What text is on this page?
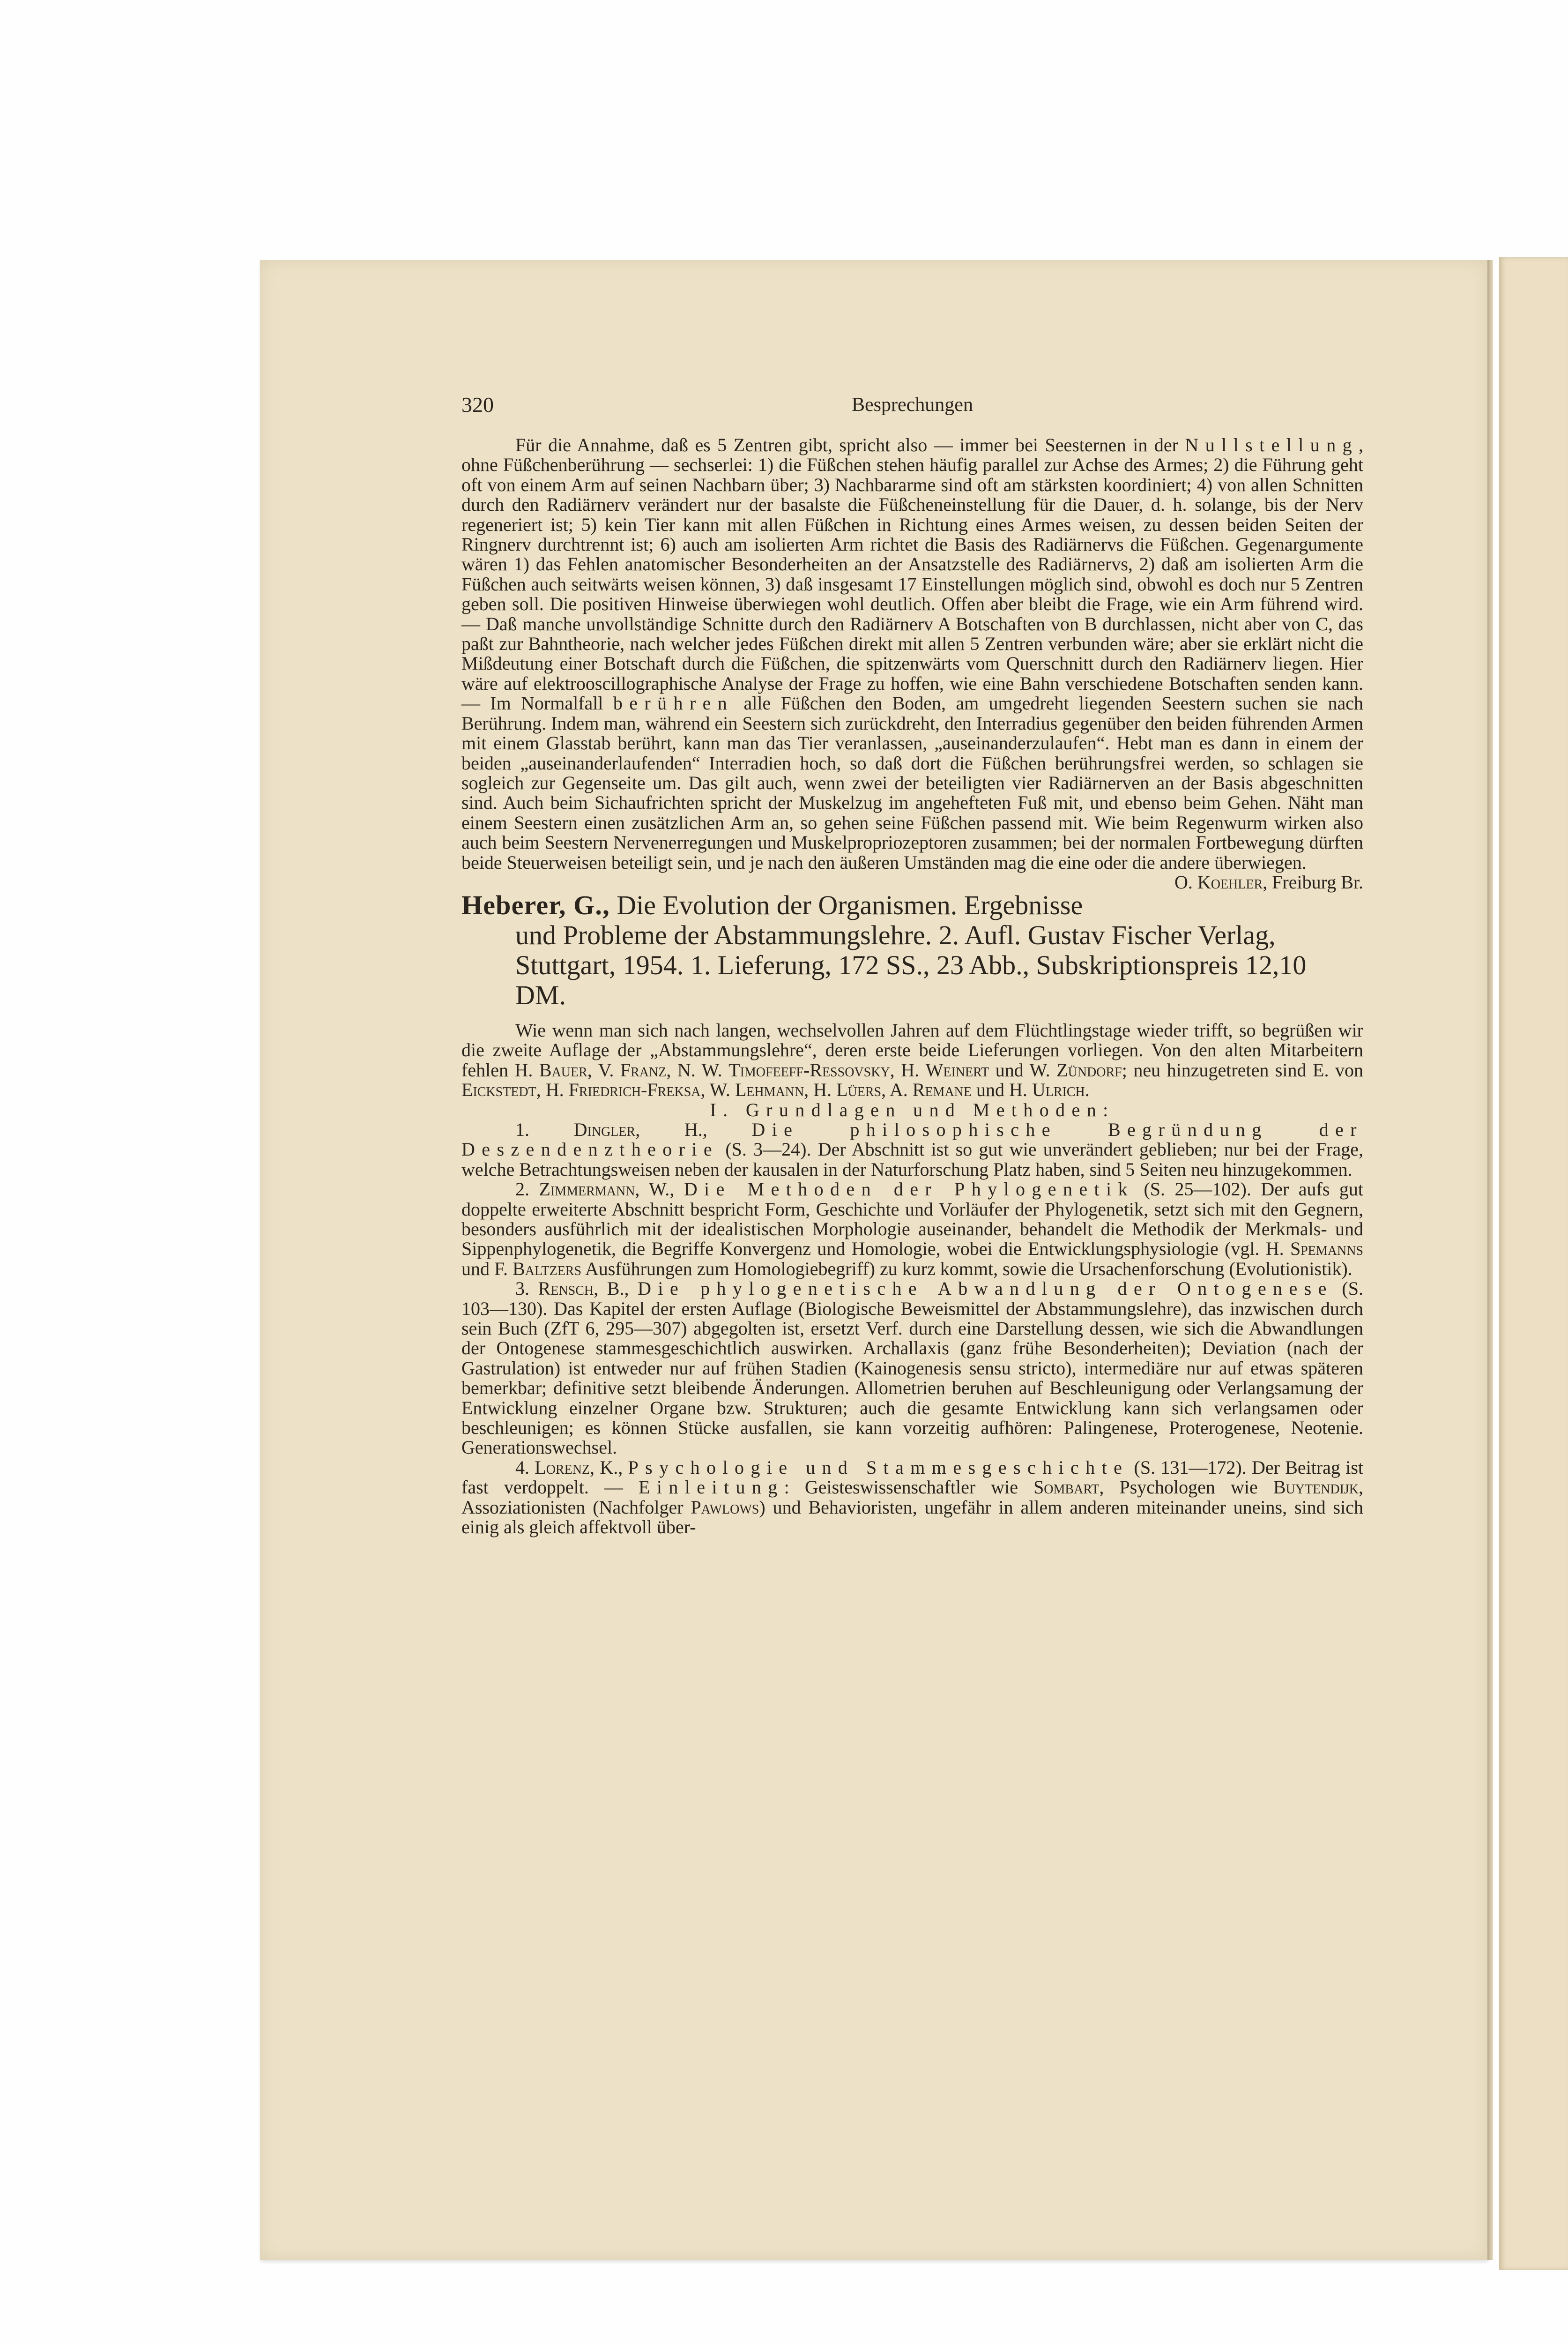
320	Besprechungen

Für die Annahme, daß es 5 Zentren gibt, spricht also — immer bei Seesternen in der Nullstellung, ohne Füßchenberührung — sechserlei: 1) die Füßchen stehen häufig parallel zur Achse des Armes; 2) die Führung geht oft von einem Arm auf seinen Nachbarn über; 3) Nachbararme sind oft am stärksten koordiniert; 4) von allen Schnitten durch den Radiärnerv verändert nur der basalste die Füßcheneinstellung für die Dauer, d. h. solange, bis der Nerv regeneriert ist; 5) kein Tier kann mit allen Füßchen in Richtung eines Armes weisen, zu dessen beiden Seiten der Ringnerv durchtrennt ist; 6) auch am isolierten Arm richtet die Basis des Radiärnervs die Füßchen. Gegenargumente wären 1) das Fehlen anatomischer Besonderheiten an der Ansatzstelle des Radiärnervs, 2) daß am isolierten Arm die Füßchen auch seitwärts weisen können, 3) daß insgesamt 17 Einstellungen möglich sind, obwohl es doch nur 5 Zentren geben soll. Die positiven Hinweise überwiegen wohl deutlich. Offen aber bleibt die Frage, wie ein Arm führend wird. — Daß manche unvollständige Schnitte durch den Radiärnerv A Botschaften von B durchlassen, nicht aber von C, das paßt zur Bahntheorie, nach welcher jedes Füßchen direkt mit allen 5 Zentren verbunden wäre; aber sie erklärt nicht die Mißdeutung einer Botschaft durch die Füßchen, die spitzenwärts vom Querschnitt durch den Radiärnerv liegen. Hier wäre auf elektrooscillographische Analyse der Frage zu hoffen, wie eine Bahn verschiedene Botschaften senden kann. — Im Normalfall berühren alle Füßchen den Boden, am umgedreht liegenden Seestern suchen sie nach Berührung. Indem man, während ein Seestern sich zurückdreht, den Interradius gegenüber den beiden führenden Armen mit einem Glasstab berührt, kann man das Tier veranlassen, „auseinanderzulaufen“. Hebt man es dann in einem der beiden „auseinanderlaufenden“ Interradien hoch, so daß dort die Füßchen berührungsfrei werden, so schlagen sie sogleich zur Gegenseite um. Das gilt auch, wenn zwei der beteiligten vier Radiärnerven an der Basis abgeschnitten sind. Auch beim Sichaufrichten spricht der Muskelzug im angehefteten Fuß mit, und ebenso beim Gehen. Näht man einem Seestern einen zusätzlichen Arm an, so gehen seine Füßchen passend mit. Wie beim Regenwurm wirken also auch beim Seestern Nervenerregungen und Muskelpropriozeptoren zusammen; bei der normalen Fortbewegung dürften beide Steuerweisen beteiligt sein, und je nach den äußeren Umständen mag die eine oder die andere überwiegen.
O. Koehler, Freiburg Br.

Heberer, G., Die Evolution der Organismen. Ergebnisse und Probleme der Abstammungslehre. 2. Aufl. Gustav Fischer Verlag, Stuttgart, 1954. 1. Lieferung, 172 SS., 23 Abb., Subskriptionspreis 12,10 DM.

Wie wenn man sich nach langen, wechselvollen Jahren auf dem Flüchtlingstage wieder trifft, so begrüßen wir die zweite Auflage der „Abstammungslehre“, deren erste beide Lieferungen vorliegen. Von den alten Mitarbeitern fehlen H. Bauer, V. Franz, N. W. Timofeeff-Ressovsky, H. Weinert und W. Zündorf; neu hinzugetreten sind E. von Eickstedt, H. Friedrich-Freksa, W. Lehmann, H. Lüers, A. Remane und H. Ulrich.

I. Grundlagen und Methoden:

1. Dingler, H., Die philosophische Begründung der Deszendenztheorie (S. 3—24). Der Abschnitt ist so gut wie unverändert geblieben; nur bei der Frage, welche Betrachtungsweisen neben der kausalen in der Naturforschung Platz haben, sind 5 Seiten neu hinzugekommen.

2. Zimmermann, W., Die Methoden der Phylogenetik (S. 25—102). Der aufs gut doppelte erweiterte Abschnitt bespricht Form, Geschichte und Vorläufer der Phylogenetik, setzt sich mit den Gegnern, besonders ausführlich mit der idealistischen Morphologie auseinander, behandelt die Methodik der Merkmals- und Sippenphylogenetik, die Begriffe Konvergenz und Homologie, wobei die Entwicklungsphysiologie (vgl. H. Spemanns und F. Baltzers Ausführungen zum Homologiebegriff) zu kurz kommt, sowie die Ursachenforschung (Evolutionistik).

3. Rensch, B., Die phylogenetische Abwandlung der Ontogenese (S. 103—130). Das Kapitel der ersten Auflage (Biologische Beweismittel der Abstammungslehre), das inzwischen durch sein Buch (ZfT 6, 295—307) abgegolten ist, ersetzt Verf. durch eine Darstellung dessen, wie sich die Abwandlungen der Ontogenese stammesgeschichtlich auswirken. Archallaxis (ganz frühe Besonderheiten); Deviation (nach der Gastrulation) ist entweder nur auf frühen Stadien (Kainogenesis sensu stricto), intermediäre nur auf etwas späteren bemerkbar; definitive setzt bleibende Änderungen. Allometrien beruhen auf Beschleunigung oder Verlangsamung der Entwicklung einzelner Organe bzw. Strukturen; auch die gesamte Entwicklung kann sich verlangsamen oder beschleunigen; es können Stücke ausfallen, sie kann vorzeitig aufhören: Palingenese, Proterogenese, Neotenie. Generationswechsel.

4. Lorenz, K., Psychologie und Stammesgeschichte (S. 131—172). Der Beitrag ist fast verdoppelt. — Einleitung: Geisteswissenschaftler wie Sombart, Psychologen wie Buytendijk, Assoziationisten (Nachfolger Pawlows) und Behavioristen, ungefähr in allem anderen miteinander uneins, sind sich einig als gleich affektvoll über-
